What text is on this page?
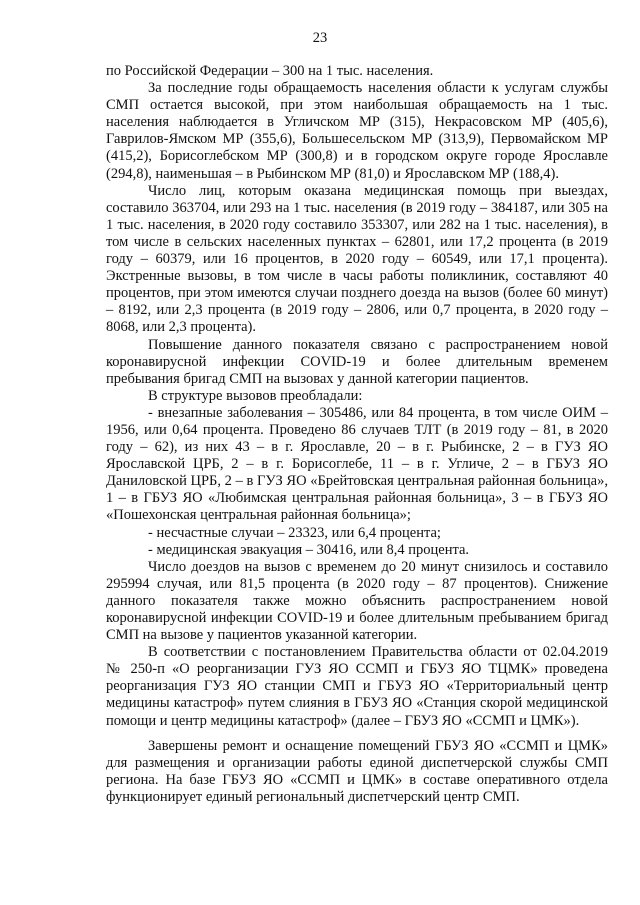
23

по Российской Федерации – 300 на 1 тыс. населения.

За последние годы обращаемость населения области к услугам службы СМП остается высокой, при этом наибольшая обращаемость на 1 тыс. населения наблюдается в Угличском МР (315), Некрасовском МР (405,6), Гаврилов-Ямском МР (355,6), Большесельском МР (313,9), Первомайском МР (415,2), Борисоглебском МР (300,8) и в городском округе городе Ярославле (294,8), наименьшая – в Рыбинском МР (81,0) и Ярославском МР (188,4).

Число лиц, которым оказана медицинская помощь при выездах, составило 363704, или 293 на 1 тыс. населения (в 2019 году – 384187, или 305 на 1 тыс. населения, в 2020 году составило 353307, или 282 на 1 тыс. населения), в том числе в сельских населенных пунктах – 62801, или 17,2 процента (в 2019 году – 60379, или 16 процентов, в 2020 году – 60549, или 17,1 процента). Экстренные вызовы, в том числе в часы работы поликлиник, составляют 40 процентов, при этом имеются случаи позднего доезда на вызов (более 60 минут) – 8192, или 2,3 процента (в 2019 году – 2806, или 0,7 процента, в 2020 году – 8068, или 2,3 процента).

Повышение данного показателя связано с распространением новой коронавирусной инфекции COVID-19 и более длительным временем пребывания бригад СМП на вызовах у данной категории пациентов.

В структуре вызовов преобладали:

- внезапные заболевания – 305486, или 84 процента, в том числе ОИМ – 1956, или 0,64 процента. Проведено 86 случаев ТЛТ (в 2019 году – 81, в 2020 году – 62), из них 43 – в г. Ярославле, 20 – в г. Рыбинске, 2 – в ГУЗ ЯО Ярославской ЦРБ, 2 – в г. Борисоглебе, 11 – в г. Угличе, 2 – в ГБУЗ ЯО Даниловской ЦРБ, 2 – в ГУЗ ЯО «Брейтовская центральная районная больница», 1 – в ГБУЗ ЯО «Любимская центральная районная больница», 3 – в ГБУЗ ЯО «Пошехонская центральная районная больница»;

- несчастные случаи – 23323, или 6,4 процента;

- медицинская эвакуация – 30416, или 8,4 процента.

Число доездов на вызов с временем до 20 минут снизилось и составило 295994 случая, или 81,5 процента (в 2020 году – 87 процентов). Снижение данного показателя также можно объяснить распространением новой коронавирусной инфекции COVID-19 и более длительным пребыванием бригад СМП на вызове у пациентов указанной категории.

В соответствии с постановлением Правительства области от 02.04.2019 № 250-п «О реорганизации ГУЗ ЯО ССМП и ГБУЗ ЯО ТЦМК» проведена реорганизация ГУЗ ЯО станции СМП и ГБУЗ ЯО «Территориальный центр медицины катастроф» путем слияния в ГБУЗ ЯО «Станция скорой медицинской помощи и центр медицины катастроф» (далее – ГБУЗ ЯО «ССМП и ЦМК»).

Завершены ремонт и оснащение помещений ГБУЗ ЯО «ССМП и ЦМК» для размещения и организации работы единой диспетчерской службы СМП региона. На базе ГБУЗ ЯО «ССМП и ЦМК» в составе оперативного отдела функционирует единый региональный диспетчерский центр СМП.
